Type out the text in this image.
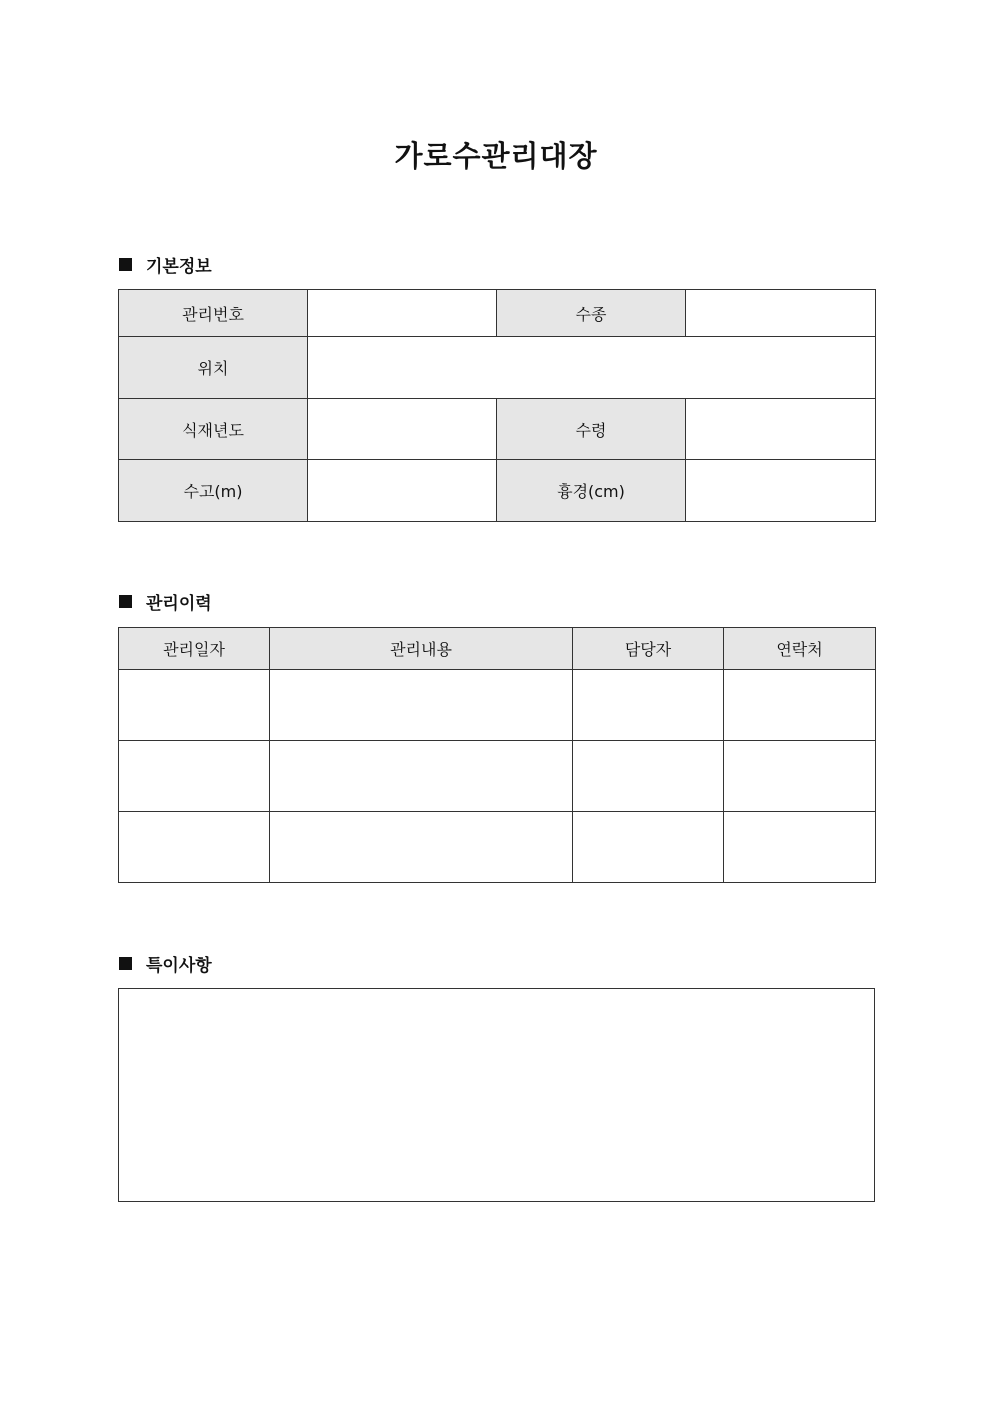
가로수관리대장
기본정보
관리번호		수종	
위치			
식재년도		수령	
수고(m)		흉경(cm)	
관리이력
관리일자	관리내용	담당자	연락처

특이사항
